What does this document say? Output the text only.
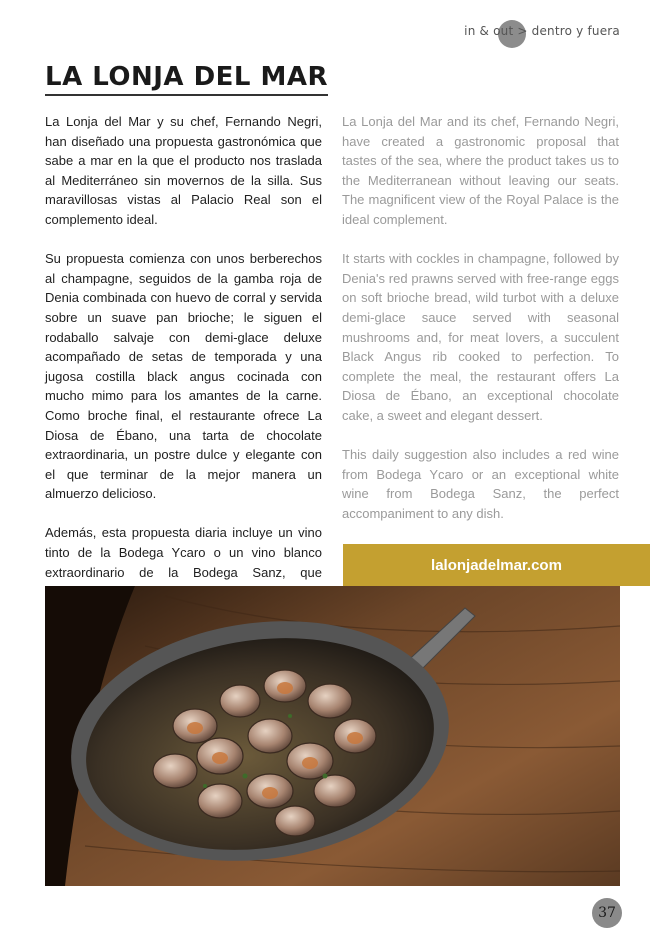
in & out > dentro y fuera
LA LONJA DEL MAR

La Lonja del Mar y su chef, Fernando Negri, han diseñado una propuesta gastronómica que sabe a mar en la que el producto nos traslada al Mediterráneo sin movernos de la silla. Sus maravillosas vistas al Palacio Real son el complemento ideal.

Su propuesta comienza con unos berberechos al champagne, seguidos de la gamba roja de Denia combinada con huevo de corral y servida sobre un suave pan brioche; le siguen el rodaballo salvaje con demi-glace deluxe acompañado de setas de temporada y una jugosa costilla black angus cocinada con mucho mimo para los amantes de la carne. Como broche final, el restaurante ofrece La Diosa de Ébano, una tarta de chocolate extraordinaria, un postre dulce y elegante con el que terminar de la mejor manera un almuerzo delicioso.

Además, esta propuesta diaria incluye un vino tinto de la Bodega Ycaro o un vino blanco extraordinario de la Bodega Sanz, que

La Lonja del Mar and its chef, Fernando Negri, have created a gastronomic proposal that tastes of the sea, where the product takes us to the Mediterranean without leaving our seats. The magnificent view of the Royal Palace is the ideal complement.

It starts with cockles in champagne, followed by Denia's red prawns served with free-range eggs on soft brioche bread, wild turbot with a deluxe demi-glace sauce served with seasonal mushrooms and, for meat lovers, a succulent Black Angus rib cooked to perfection. To complete the meal, the restaurant offers La Diosa de Ébano, an exceptional chocolate cake, a sweet and elegant dessert.

This daily suggestion also includes a red wine from Bodega Ycaro or an exceptional white wine from Bodega Sanz, the perfect accompaniment to any dish.

lalonjadelmar.com
37
